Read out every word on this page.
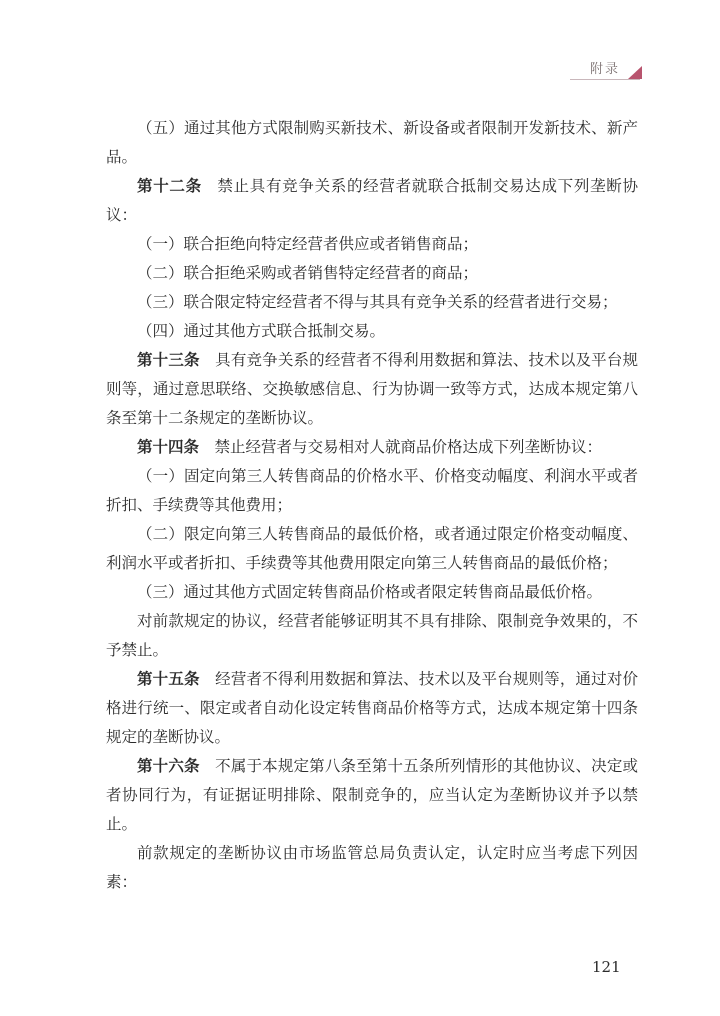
附录

（五）通过其他方式限制购买新技术、新设备或者限制开发新技术、新产品。

第十二条 禁止具有竞争关系的经营者就联合抵制交易达成下列垄断协议：

（一）联合拒绝向特定经营者供应或者销售商品；

（二）联合拒绝采购或者销售特定经营者的商品；

（三）联合限定特定经营者不得与其具有竞争关系的经营者进行交易；

（四）通过其他方式联合抵制交易。

第十三条 具有竞争关系的经营者不得利用数据和算法、技术以及平台规则等，通过意思联络、交换敏感信息、行为协调一致等方式，达成本规定第八条至第十二条规定的垄断协议。

第十四条 禁止经营者与交易相对人就商品价格达成下列垄断协议：

（一）固定向第三人转售商品的价格水平、价格变动幅度、利润水平或者折扣、手续费等其他费用；

（二）限定向第三人转售商品的最低价格，或者通过限定价格变动幅度、利润水平或者折扣、手续费等其他费用限定向第三人转售商品的最低价格；

（三）通过其他方式固定转售商品价格或者限定转售商品最低价格。

对前款规定的协议，经营者能够证明其不具有排除、限制竞争效果的，不予禁止。

第十五条 经营者不得利用数据和算法、技术以及平台规则等，通过对价格进行统一、限定或者自动化设定转售商品价格等方式，达成本规定第十四条规定的垄断协议。

第十六条 不属于本规定第八条至第十五条所列情形的其他协议、决定或者协同行为，有证据证明排除、限制竞争的，应当认定为垄断协议并予以禁止。

前款规定的垄断协议由市场监管总局负责认定，认定时应当考虑下列因素：

121
